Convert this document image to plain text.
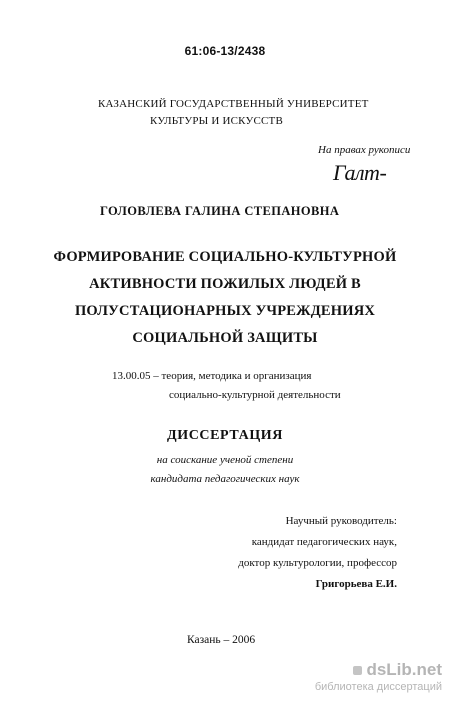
61:06-13/2438
КАЗАНСКИЙ ГОСУДАРСТВЕННЫЙ УНИВЕРСИТЕТ
КУЛЬТУРЫ И ИСКУССТВ
На правах рукописи
Галт-
ГОЛОВЛЕВА ГАЛИНА СТЕПАНОВНА
ФОРМИРОВАНИЕ СОЦИАЛЬНО-КУЛЬТУРНОЙ
АКТИВНОСТИ ПОЖИЛЫХ ЛЮДЕЙ В
ПОЛУСТАЦИОНАРНЫХ УЧРЕЖДЕНИЯХ
СОЦИАЛЬНОЙ ЗАЩИТЫ
13.00.05 – теория, методика и организация
социально-культурной деятельности
ДИССЕРТАЦИЯ
на соискание ученой степени
кандидата педагогических наук
Научный руководитель:
кандидат педагогических наук,
доктор культурологии, профессор
Григорьева Е.И.
Казань – 2006
dsLib.net
библиотека диссертаций
